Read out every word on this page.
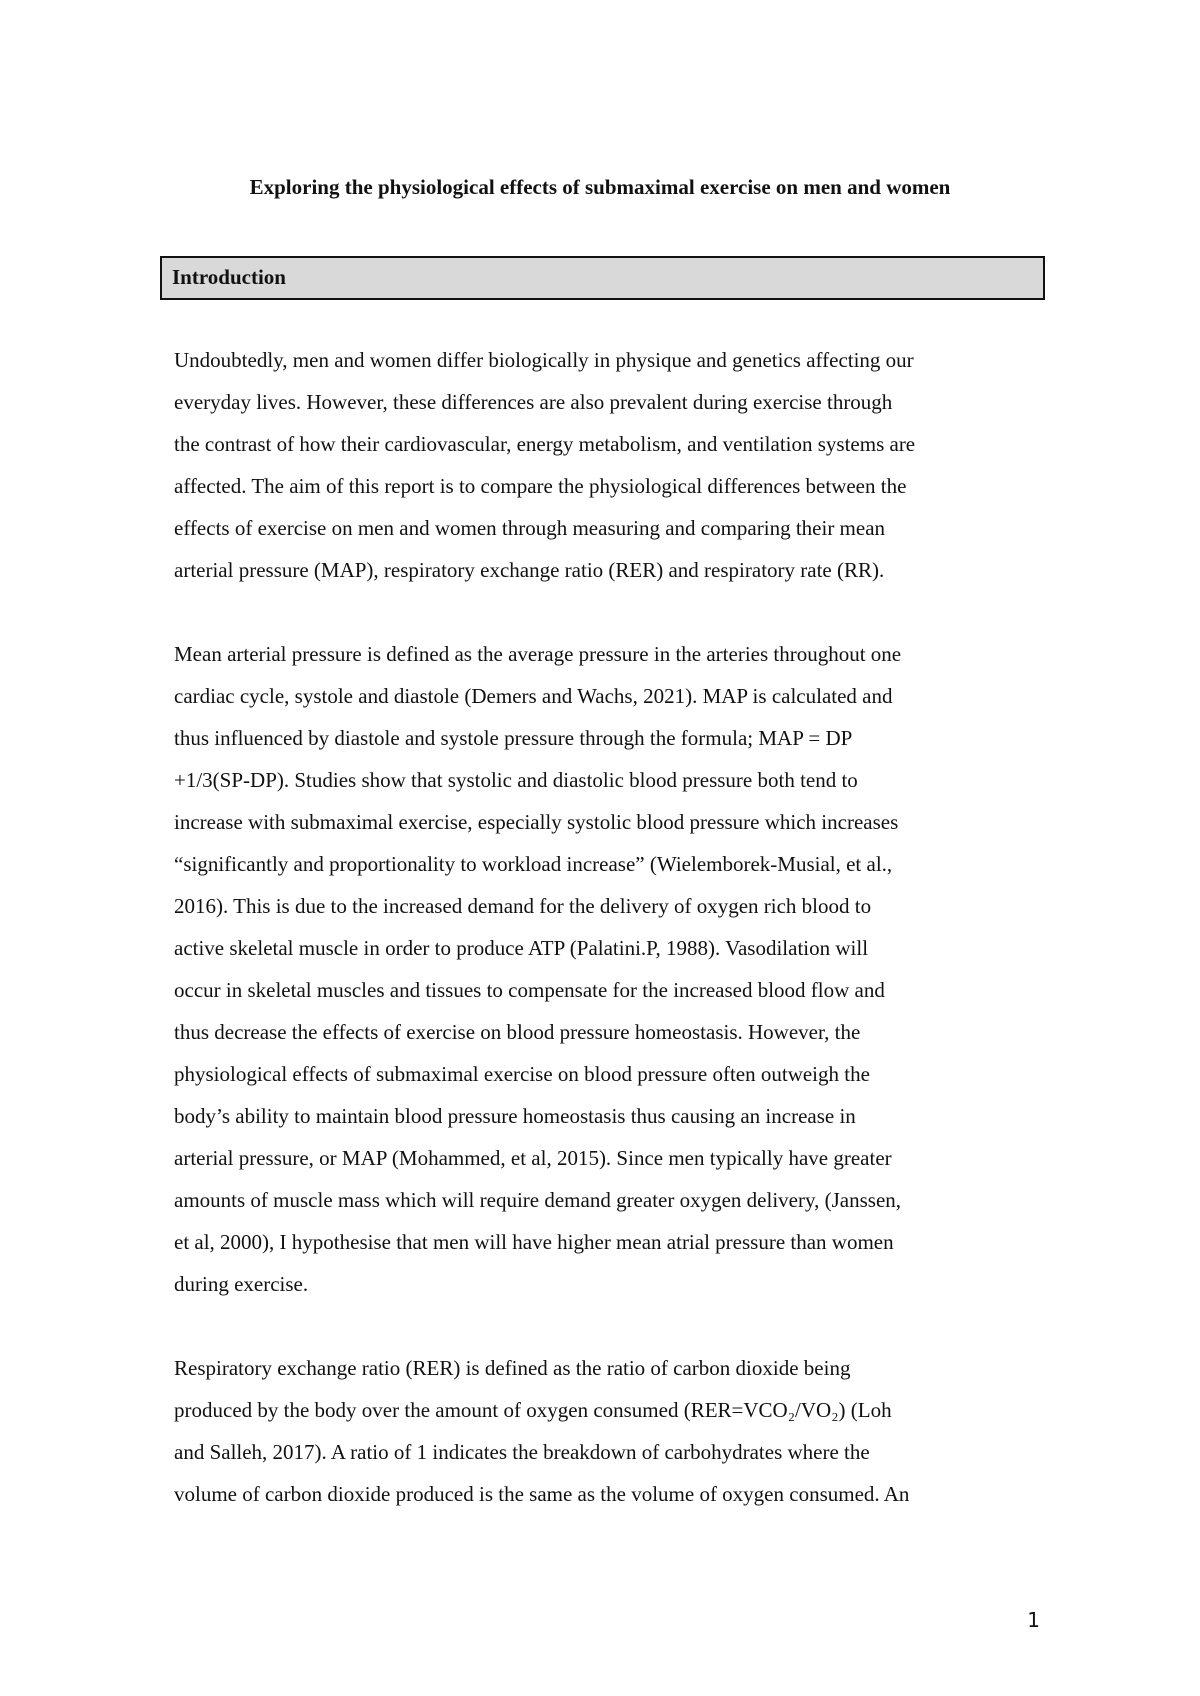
Exploring the physiological effects of submaximal exercise on men and women
Introduction

Undoubtedly, men and women differ biologically in physique and genetics affecting our
everyday lives. However, these differences are also prevalent during exercise through
the contrast of how their cardiovascular, energy metabolism, and ventilation systems are
affected. The aim of this report is to compare the physiological differences between the
effects of exercise on men and women through measuring and comparing their mean
arterial pressure (MAP), respiratory exchange ratio (RER) and respiratory rate (RR).

Mean arterial pressure is defined as the average pressure in the arteries throughout one
cardiac cycle, systole and diastole (Demers and Wachs, 2021). MAP is calculated and
thus influenced by diastole and systole pressure through the formula; MAP = DP
+1/3(SP-DP). Studies show that systolic and diastolic blood pressure both tend to
increase with submaximal exercise, especially systolic blood pressure which increases
“significantly and proportionality to workload increase” (Wielemborek-Musial, et al.,
2016). This is due to the increased demand for the delivery of oxygen rich blood to
active skeletal muscle in order to produce ATP (Palatini.P, 1988). Vasodilation will
occur in skeletal muscles and tissues to compensate for the increased blood flow and
thus decrease the effects of exercise on blood pressure homeostasis. However, the
physiological effects of submaximal exercise on blood pressure often outweigh the
body’s ability to maintain blood pressure homeostasis thus causing an increase in
arterial pressure, or MAP (Mohammed, et al, 2015). Since men typically have greater
amounts of muscle mass which will require demand greater oxygen delivery, (Janssen,
et al, 2000), I hypothesise that men will have higher mean atrial pressure than women
during exercise.

Respiratory exchange ratio (RER) is defined as the ratio of carbon dioxide being
produced by the body over the amount of oxygen consumed (RER=VCO₂/VO₂) (Loh
and Salleh, 2017). A ratio of 1 indicates the breakdown of carbohydrates where the
volume of carbon dioxide produced is the same as the volume of oxygen consumed. An

1
